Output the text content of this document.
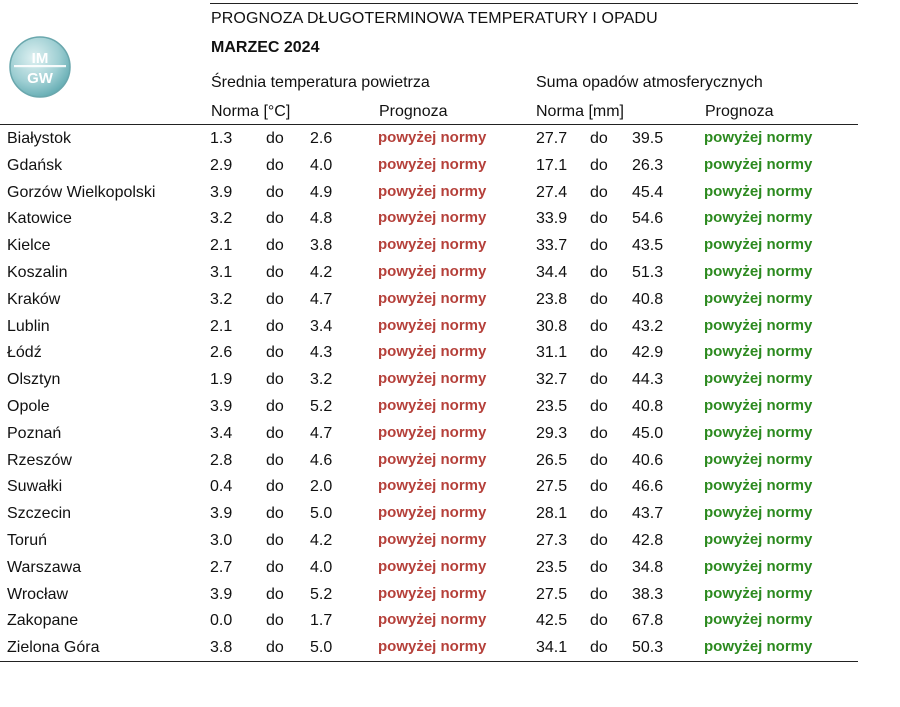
IM
GW
PROGNOZA DŁUGOTERMINOWA TEMPERATURY I OPADU
MARZEC 2024
Średnia temperatura powietrza	Suma opadów atmosferycznych
Norma [°C]	Prognoza	Norma [mm]	Prognoza
Białystok	1.3 do 2.6	powyżej normy	27.7 do 39.5	powyżej normy
Gdańsk	2.9 do 4.0	powyżej normy	17.1 do 26.3	powyżej normy
Gorzów Wielkopolski	3.9 do 4.9	powyżej normy	27.4 do 45.4	powyżej normy
Katowice	3.2 do 4.8	powyżej normy	33.9 do 54.6	powyżej normy
Kielce	2.1 do 3.8	powyżej normy	33.7 do 43.5	powyżej normy
Koszalin	3.1 do 4.2	powyżej normy	34.4 do 51.3	powyżej normy
Kraków	3.2 do 4.7	powyżej normy	23.8 do 40.8	powyżej normy
Lublin	2.1 do 3.4	powyżej normy	30.8 do 43.2	powyżej normy
Łódź	2.6 do 4.3	powyżej normy	31.1 do 42.9	powyżej normy
Olsztyn	1.9 do 3.2	powyżej normy	32.7 do 44.3	powyżej normy
Opole	3.9 do 5.2	powyżej normy	23.5 do 40.8	powyżej normy
Poznań	3.4 do 4.7	powyżej normy	29.3 do 45.0	powyżej normy
Rzeszów	2.8 do 4.6	powyżej normy	26.5 do 40.6	powyżej normy
Suwałki	0.4 do 2.0	powyżej normy	27.5 do 46.6	powyżej normy
Szczecin	3.9 do 5.0	powyżej normy	28.1 do 43.7	powyżej normy
Toruń	3.0 do 4.2	powyżej normy	27.3 do 42.8	powyżej normy
Warszawa	2.7 do 4.0	powyżej normy	23.5 do 34.8	powyżej normy
Wrocław	3.9 do 5.2	powyżej normy	27.5 do 38.3	powyżej normy
Zakopane	0.0 do 1.7	powyżej normy	42.5 do 67.8	powyżej normy
Zielona Góra	3.8 do 5.0	powyżej normy	34.1 do 50.3	powyżej normy
